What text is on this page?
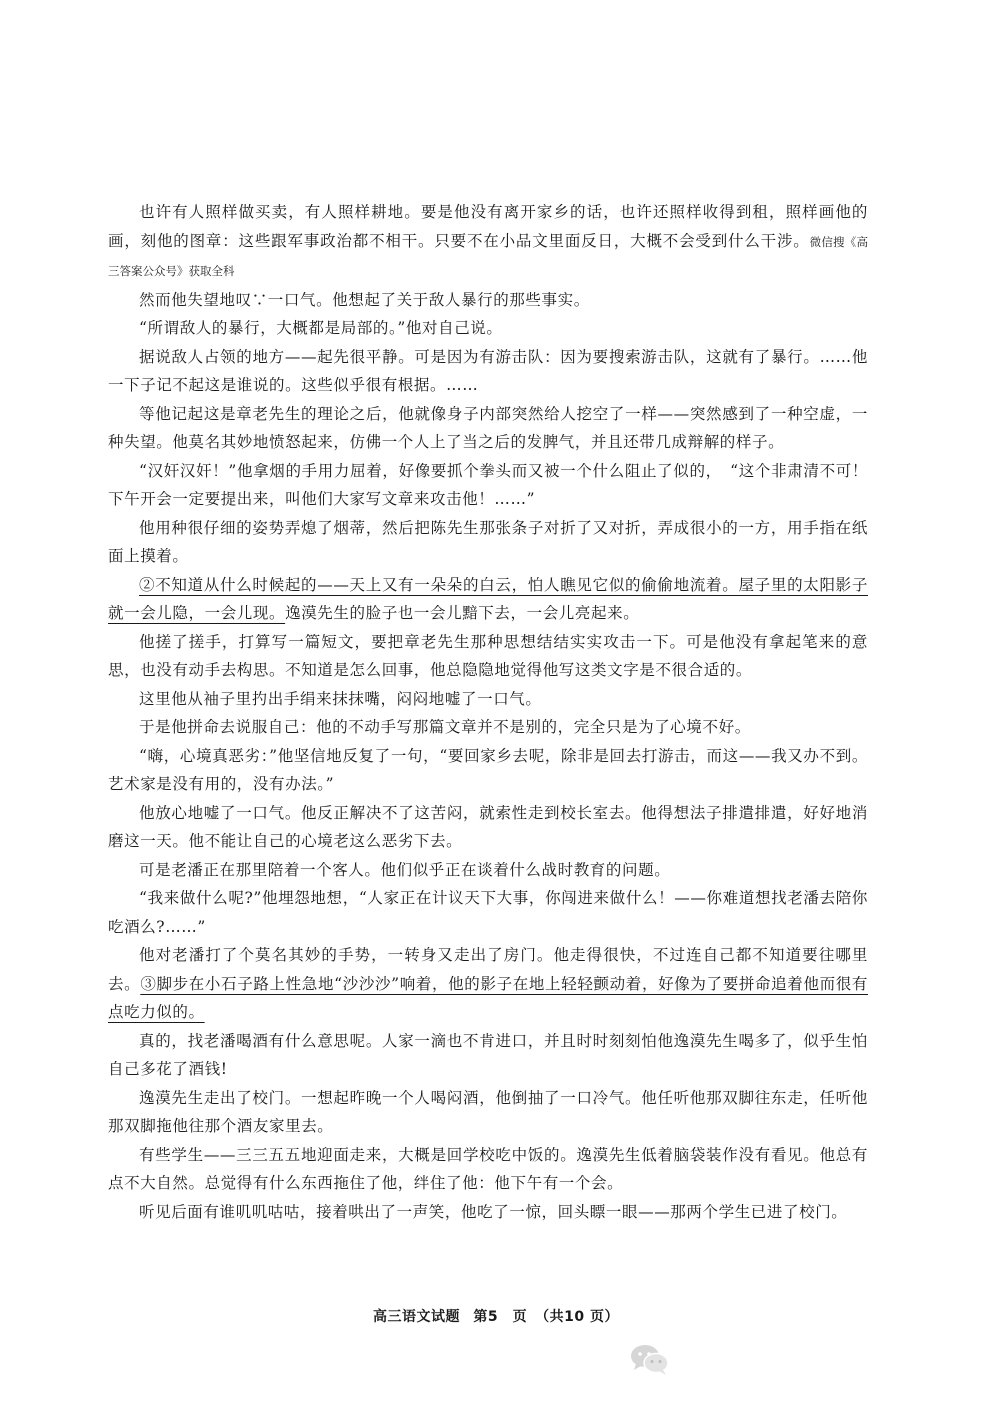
也许有人照样做买卖，有人照样耕地。要是他没有离开家乡的话，也许还照样收得到租，照样画他的画，刻他的图章：这些跟军事政治都不相干。只要不在小品文里面反日，大概不会受到什么干涉。微信搜《高三答案公众号》获取全科

然而他失望地叹∵一口气。他想起了关于敌人暴行的那些事实。

“所谓敌人的暴行，大概都是局部的。”他对自己说。

据说敌人占领的地方——起先很平静。可是因为有游击队：因为要搜索游击队，这就有了暴行。……他一下子记不起这是谁说的。这些似乎很有根据。……

等他记起这是章老先生的理论之后，他就像身子内部突然给人挖空了一样——突然感到了一种空虚，一种失望。他莫名其妙地愤怒起来，仿佛一个人上了当之后的发脾气，并且还带几成辩解的样子。

“汉奸汉奸！”他拿烟的手用力屈着，好像要抓个拳头而又被一个什么阻止了似的，　“这个非肃清不可！下午开会一定要提出来，叫他们大家写文章来攻击他！……”

他用种很仔细的姿势弄熄了烟蒂，然后把陈先生那张条子对折了又对折，弄成很小的一方，用手指在纸面上摸着。

②不知道从什么时候起的——天上又有一朵朵的白云，怕人瞧见它似的偷偷地流着。屋子里的太阳影子就一会儿隐，一会儿现。逸漠先生的脸子也一会儿黯下去，一会儿亮起来。

他搓了搓手，打算写一篇短文，要把章老先生那种思想结结实实攻击一下。可是他没有拿起笔来的意思，也没有动手去构思。不知道是怎么回事，他总隐隐地觉得他写这类文字是不很合适的。

这里他从袖子里扚出手绢来抹抹嘴，闷闷地嘘了一口气。

于是他拼命去说服自己：他的不动手写那篇文章并不是别的，完全只是为了心境不好。

“嗨，心境真恶劣：”他坚信地反复了一句，“要回家乡去呢，除非是回去打游击，而这——我又办不到。艺术家是没有用的，没有办法。”

他放心地嘘了一口气。他反正解决不了这苦闷，就索性走到校长室去。他得想法子排遣排遣，好好地消磨这一天。他不能让自己的心境老这么恶劣下去。

可是老潘正在那里陪着一个客人。他们似乎正在谈着什么战时教育的问题。

“我来做什么呢?”他埋怨地想，“人家正在计议天下大事，你闯进来做什么！——你难道想找老潘去陪你吃酒么?……”

他对老潘打了个莫名其妙的手势，一转身又走出了房门。他走得很快，不过连自己都不知道要往哪里去。③脚步在小石子路上性急地“沙沙沙”响着，他的影子在地上轻轻颤动着，好像为了要拼命追着他而很有点吃力似的。

真的，找老潘喝酒有什么意思呢。人家一滴也不肯进口，并且时时刻刻怕他逸漠先生喝多了，似乎生怕自己多花了酒钱!

逸漠先生走出了校门。一想起昨晚一个人喝闷酒，他倒抽了一口冷气。他任听他那双脚往东走，任听他那双脚拖他往那个酒友家里去。

有些学生——三三五五地迎面走来，大概是回学校吃中饭的。逸漠先生低着脑袋装作没有看见。他总有点不大自然。总觉得有什么东西拖住了他，绊住了他：他下午有一个会。

听见后面有谁叽叽咕咕，接着哄出了一声笑，他吃了一惊，回头瞟一眼——那两个学生已进了校门。

高三语文试题 第5　页 （共10 页）
